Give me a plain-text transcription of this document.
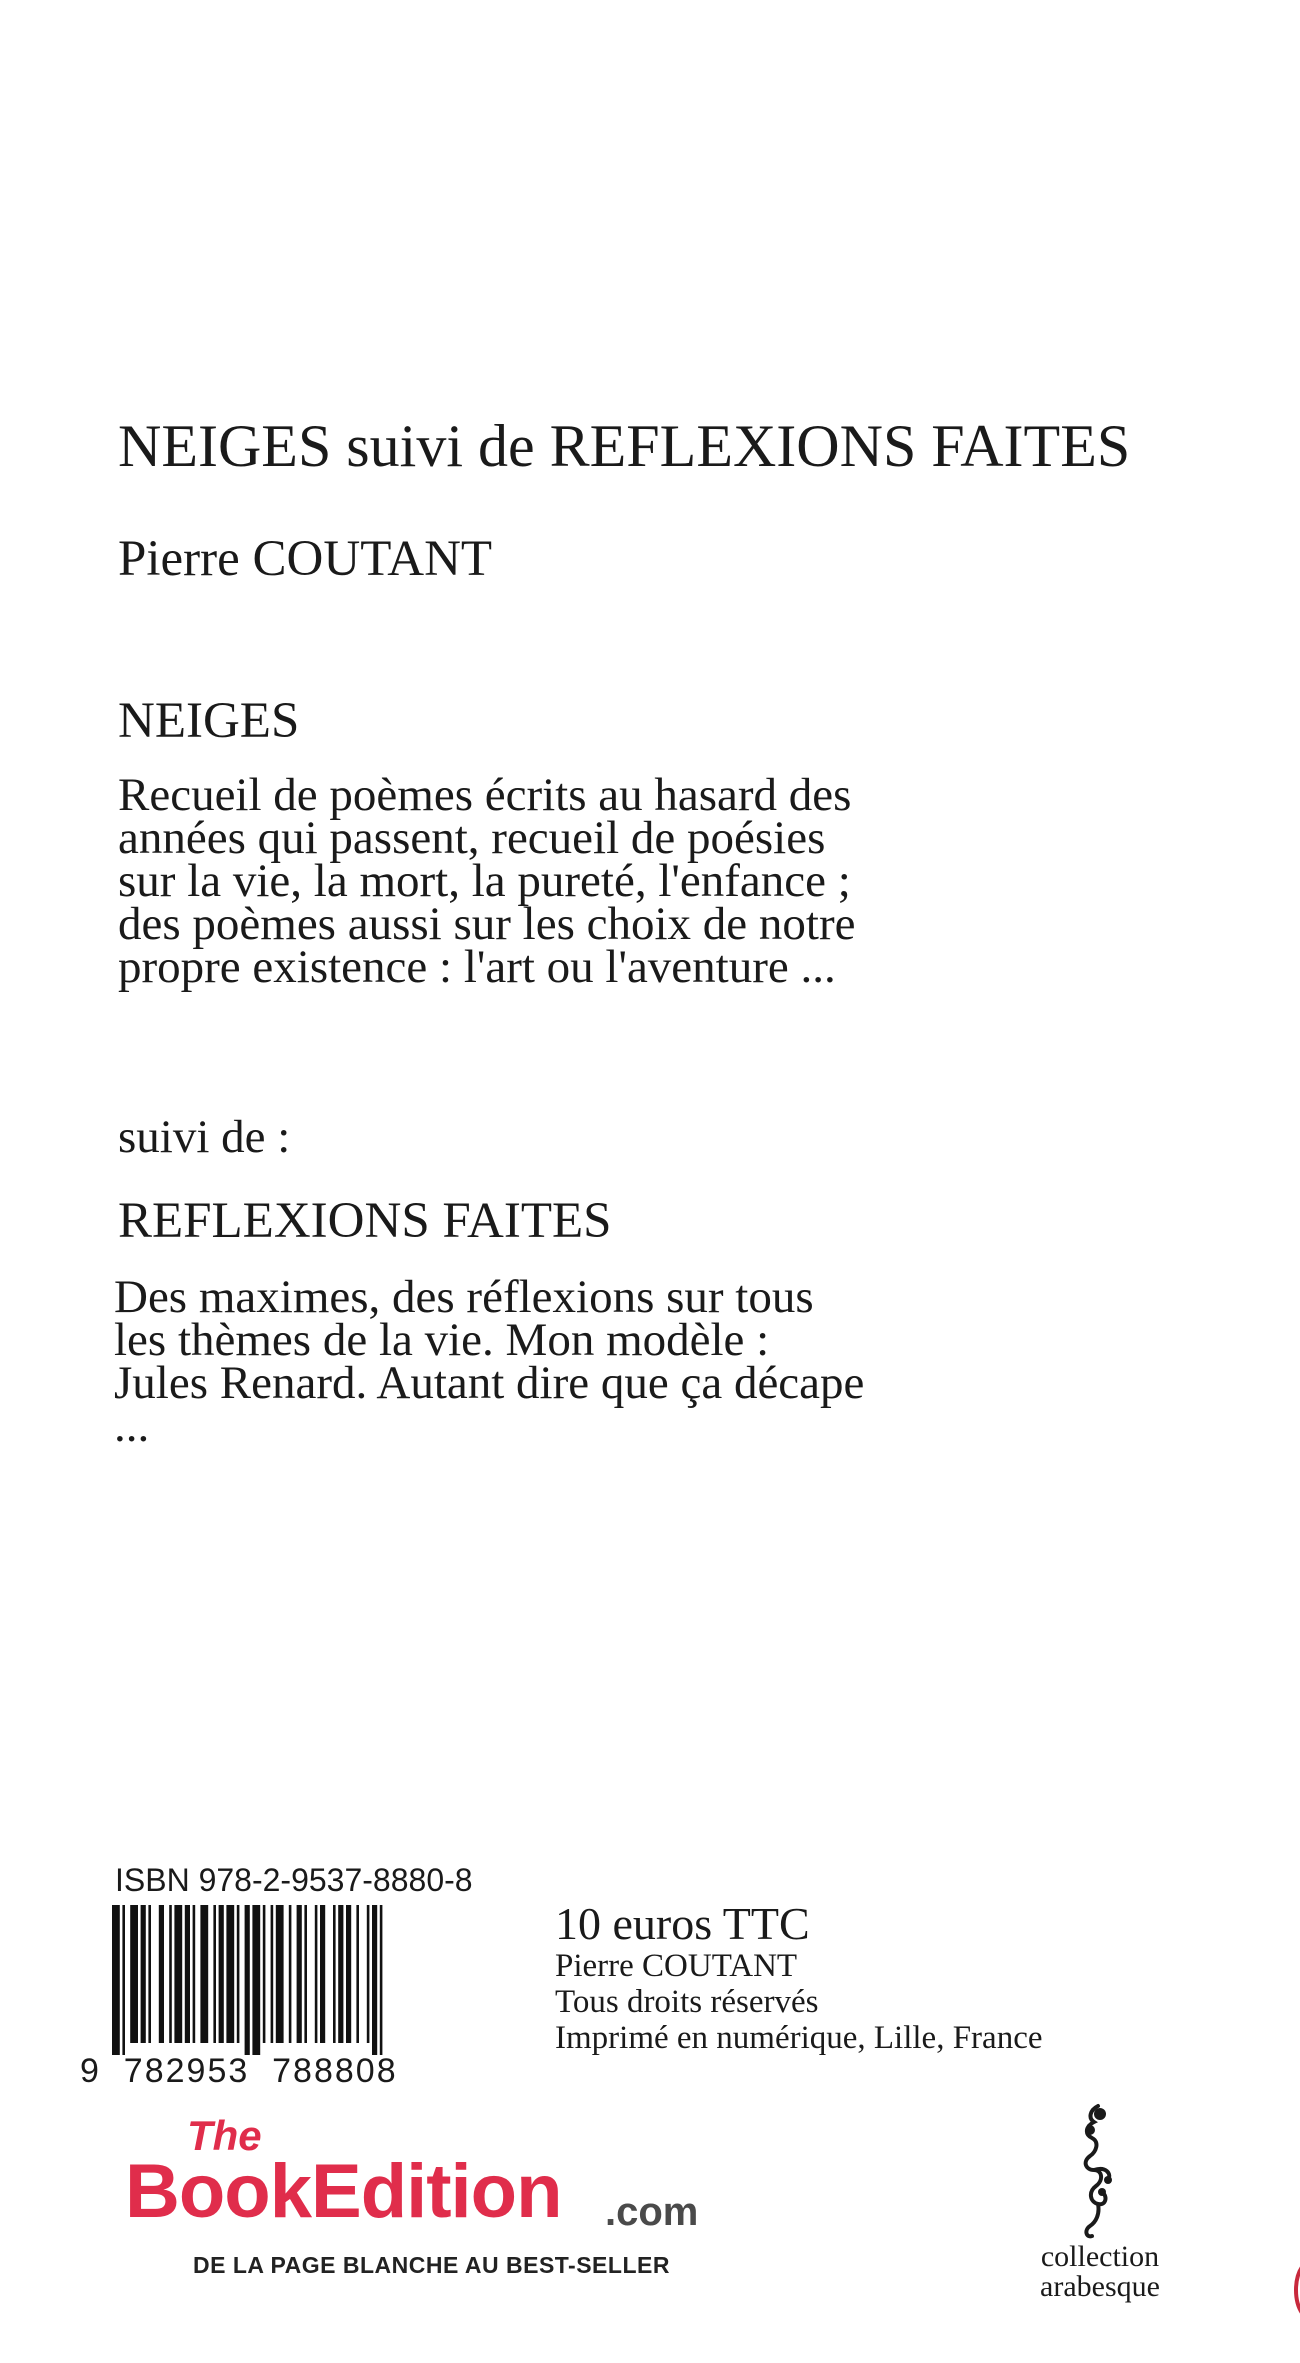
NEIGES suivi de REFLEXIONS FAITES
Pierre COUTANT
NEIGES
Recueil de poèmes écrits au hasard des
années qui passent, recueil de poésies
sur la vie, la mort, la pureté, l'enfance ;
des poèmes aussi sur les choix de notre
propre existence : l'art ou l'aventure ...
suivi de :
REFLEXIONS FAITES
Des maximes, des réflexions sur tous
les thèmes de la vie. Mon modèle :
Jules Renard. Autant dire que ça décape
...
ISBN 978-2-9537-8880-8
9  782953  788808
10 euros TTC
Pierre COUTANT
Tous droits réservés
Imprimé en numérique, Lille, France
The
BookEdition .com
DE LA PAGE BLANCHE AU BEST-SELLER	collection
arabesque
